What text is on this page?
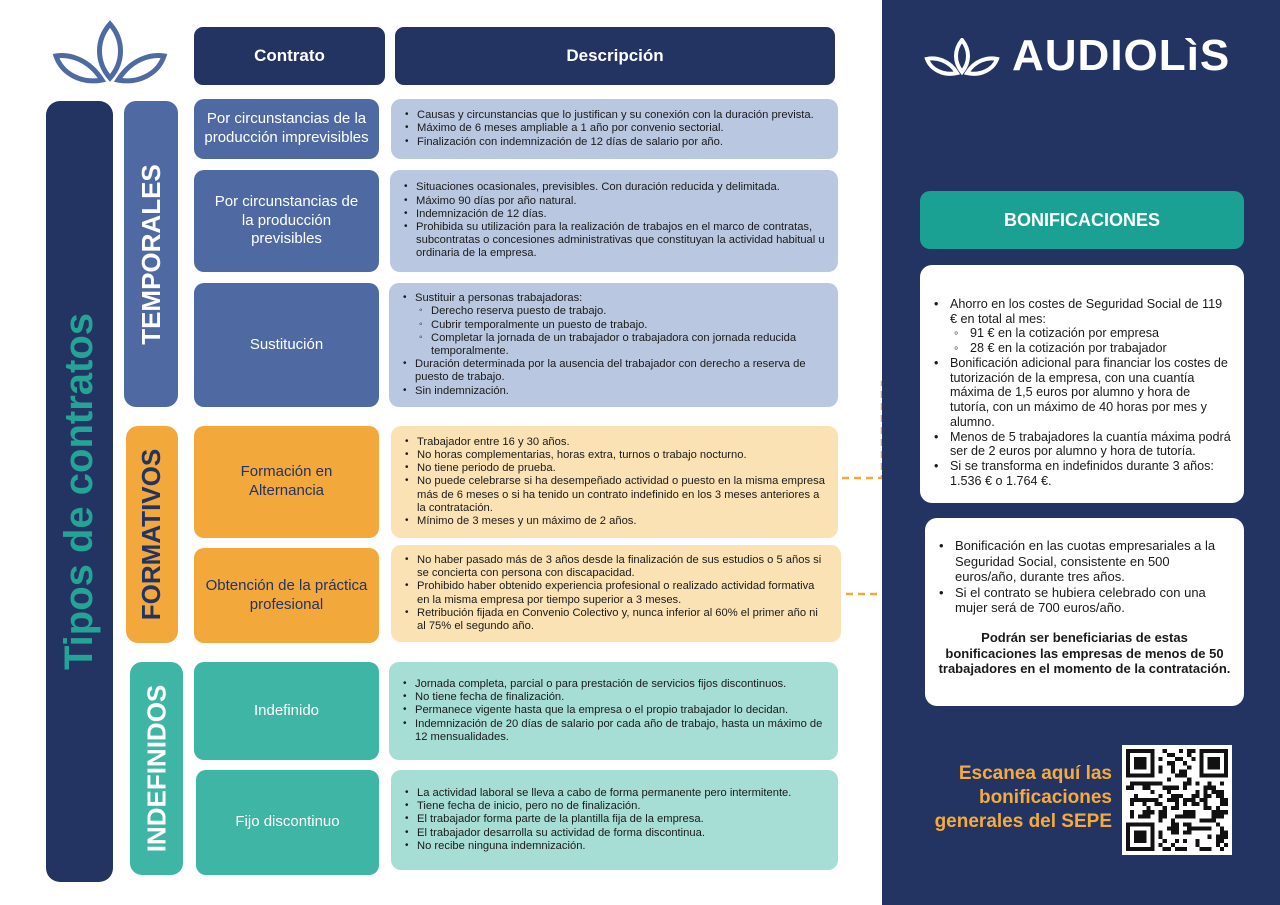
Contrato	Descripción
Tipos de contratos
TEMPORALES
FORMATIVOS
INDEFINIDOS
Por circunstancias de la producción imprevisibles
• Causas y circunstancias que lo justifican y su conexión con la duración prevista.
• Máximo de 6 meses ampliable a 1 año por convenio sectorial.
• Finalización con indemnización de 12 días de salario por año.
Por circunstancias de la producción previsibles
• Situaciones ocasionales, previsibles. Con duración reducida y delimitada.
• Máximo 90 días por año natural.
• Indemnización de 12 días.
• Prohibida su utilización para la realización de trabajos en el marco de contratas, subcontratas o concesiones administrativas que constituyan la actividad habitual u ordinaria de la empresa.
Sustitución
• Sustituir a personas trabajadoras:
◦ Derecho reserva puesto de trabajo.
◦ Cubrir temporalmente un puesto de trabajo.
◦ Completar la jornada de un trabajador o trabajadora con jornada reducida temporalmente.
• Duración determinada por la ausencia del trabajador con derecho a reserva de puesto de trabajo.
• Sin indemnización.
Formación en Alternancia
• Trabajador entre 16 y 30 años.
• No horas complementarias, horas extra, turnos o trabajo nocturno.
• No tiene periodo de prueba.
• No puede celebrarse si ha desempeñado actividad o puesto en la misma empresa más de 6 meses o si ha tenido un contrato indefinido en los 3 meses anteriores a la contratación.
• Mínimo de 3 meses y un máximo de 2 años.
Obtención de la práctica profesional
• No haber pasado más de 3 años desde la finalización de sus estudios o 5 años si se concierta con persona con discapacidad.
• Prohibido haber obtenido experiencia profesional o realizado actividad formativa en la misma empresa por tiempo superior a 3 meses.
• Retribución fijada en Convenio Colectivo y, nunca inferior al 60% el primer año ni al 75% el segundo año.
Indefinido
• Jornada completa, parcial o para prestación de servicios fijos discontinuos.
• No tiene fecha de finalización.
• Permanece vigente hasta que la empresa o el propio trabajador lo decidan.
• Indemnización de 20 días de salario por cada año de trabajo, hasta un máximo de 12 mensualidades.
Fijo discontinuo
• La actividad laboral se lleva a cabo de forma permanente pero intermitente.
• Tiene fecha de inicio, pero no de finalización.
• El trabajador forma parte de la plantilla fija de la empresa.
• El trabajador desarrolla su actividad de forma discontinua.
• No recibe ninguna indemnización.
AUDIOLìS
BONIFICACIONES
• Ahorro en los costes de Seguridad Social de 119 € en total al mes:
◦ 91 € en la cotización por empresa
◦ 28 € en la cotización por trabajador
• Bonificación adicional para financiar los costes de tutorización de la empresa, con una cuantía máxima de 1,5 euros por alumno y hora de tutoría, con un máximo de 40 horas por mes y alumno.
• Menos de 5 trabajadores la cuantía máxima podrá ser de 2 euros por alumno y hora de tutoría.
• Si se transforma en indefinidos durante 3 años: 1.536 € o 1.764 €.
• Bonificación en las cuotas empresariales a la Seguridad Social, consistente en 500 euros/año, durante tres años.
• Si el contrato se hubiera celebrado con una mujer será de 700 euros/año.
Podrán ser beneficiarias de estas bonificaciones las empresas de menos de 50 trabajadores en el momento de la contratación.
Escanea aquí las bonificaciones generales del SEPE
